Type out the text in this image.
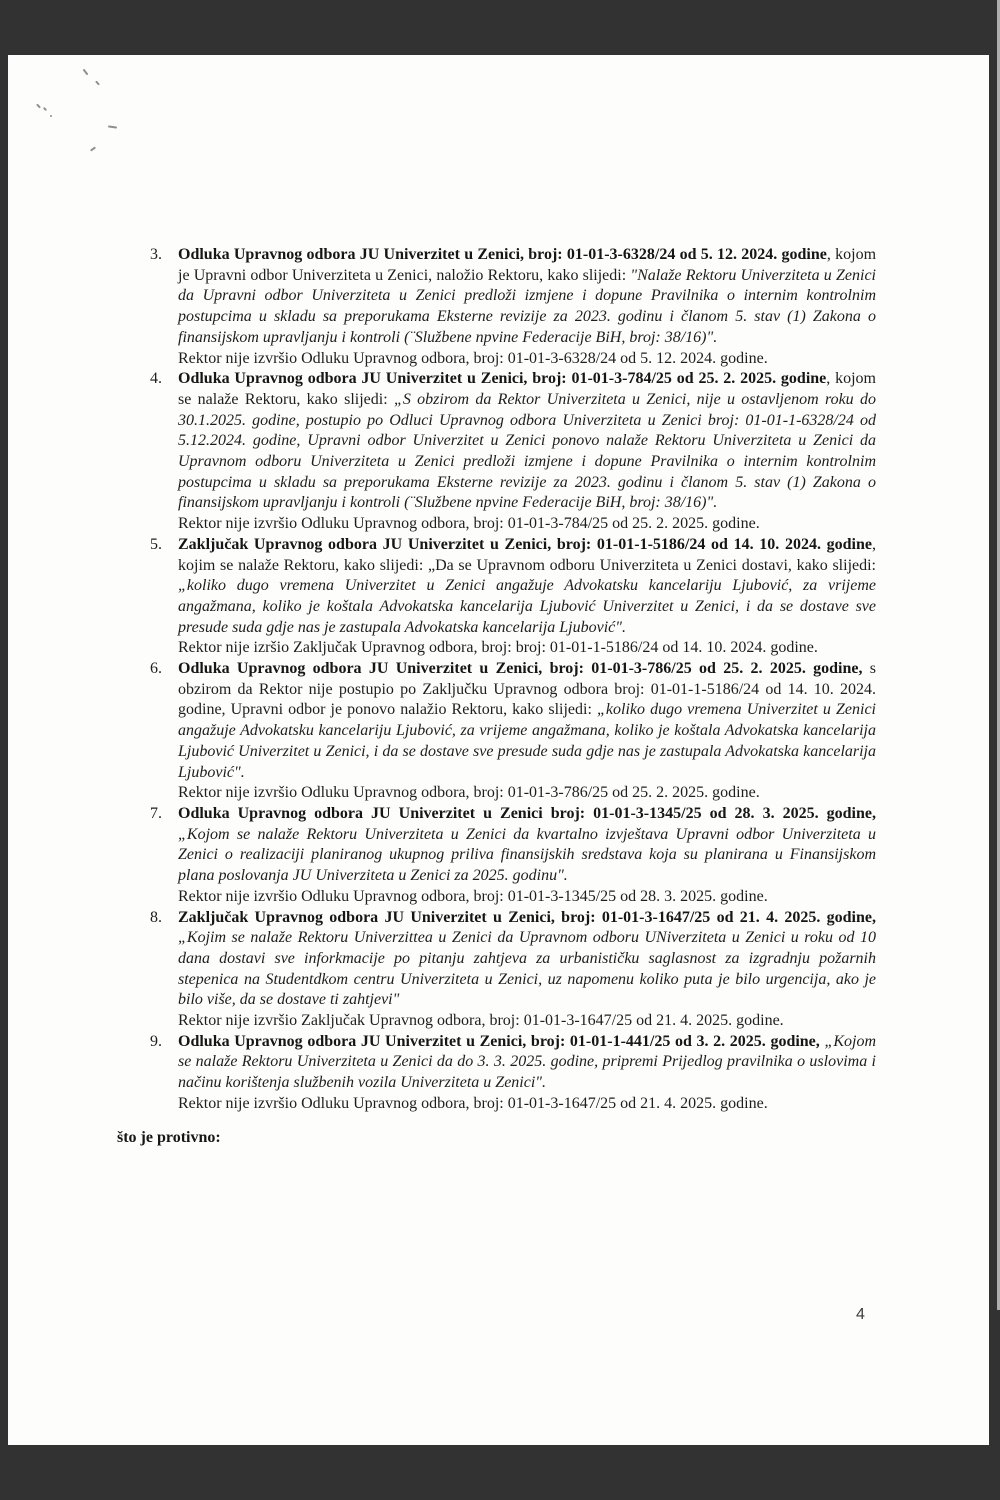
3.	Odluka Upravnog odbora JU Univerzitet u Zenici, broj: 01-01-3-6328/24 od 5. 12. 2024. godine, kojom je Upravni odbor Univerziteta u Zenici, naložio Rektoru, kako slijedi: "Nalaže Rektoru Univerziteta u Zenici da Upravni odbor Univerziteta u Zenici predloži izmjene i dopune Pravilnika o internim kontrolnim postupcima u skladu sa preporukama Eksterne revizije za 2023. godinu i članom 5. stav (1) Zakona o finansijskom upravljanju i kontroli (¨Službene npvine Federacije BiH, broj: 38/16)".

Rektor nije izvršio Odluku Upravnog odbora, broj: 01-01-3-6328/24 od 5. 12. 2024. godine.

4.	Odluka Upravnog odbora JU Univerzitet u Zenici, broj: 01-01-3-784/25 od 25. 2. 2025. godine, kojom se nalaže Rektoru, kako slijedi: „S obzirom da Rektor Univerziteta u Zenici, nije u ostavljenom roku do 30.1.2025. godine, postupio po Odluci Upravnog odbora Univerziteta u Zenici broj: 01-01-1-6328/24 od 5.12.2024. godine, Upravni odbor Univerzitet u Zenici ponovo nalaže Rektoru Univerziteta u Zenici da Upravnom odboru Univerziteta u Zenici predloži izmjene i dopune Pravilnika o internim kontrolnim postupcima u skladu sa preporukama Eksterne revizije za 2023. godinu i članom 5. stav (1) Zakona o finansijskom upravljanju i kontroli (¨Službene npvine Federacije BiH, broj: 38/16)".

Rektor nije izvršio Odluku Upravnog odbora, broj: 01-01-3-784/25 od 25. 2. 2025. godine.

5.	Zaključak Upravnog odbora JU Univerzitet u Zenici, broj: 01-01-1-5186/24 od 14. 10. 2024. godine, kojim se nalaže Rektoru, kako slijedi: „Da se Upravnom odboru Univerziteta u Zenici dostavi, kako slijedi: „koliko dugo vremena Univerzitet u Zenici angažuje Advokatsku kancelariju Ljubović, za vrijeme angažmana, koliko je koštala Advokatska kancelarija Ljubović Univerzitet u Zenici, i da se dostave sve presude suda gdje nas je zastupala Advokatska kancelarija Ljubović".

Rektor nije izršio Zaključak Upravnog odbora, broj: broj: 01-01-1-5186/24 od 14. 10. 2024. godine.

6.	Odluka Upravnog odbora JU Univerzitet u Zenici, broj: 01-01-3-786/25 od 25. 2. 2025. godine, s obzirom da Rektor nije postupio po Zaključku Upravnog odbora broj: 01-01-1-5186/24 od 14. 10. 2024. godine, Upravni odbor je ponovo nalažio Rektoru, kako slijedi: „koliko dugo vremena Univerzitet u Zenici angažuje Advokatsku kancelariju Ljubović, za vrijeme angažmana, koliko je koštala Advokatska kancelarija Ljubović Univerzitet u Zenici, i da se dostave sve presude suda gdje nas je zastupala Advokatska kancelarija Ljubović".

Rektor nije izvršio Odluku Upravnog odbora, broj: 01-01-3-786/25 od 25. 2. 2025. godine.

7.	Odluka Upravnog odbora JU Univerzitet u Zenici broj: 01-01-3-1345/25 od 28. 3. 2025. godine, „Kojom se nalaže Rektoru Univerziteta u Zenici da kvartalno izvještava Upravni odbor Univerziteta u Zenici o realizaciji planiranog ukupnog priliva finansijskih sredstava koja su planirana u Finansijskom plana poslovanja JU Univerziteta u Zenici za 2025. godinu".

Rektor nije izvršio Odluku Upravnog odbora, broj: 01-01-3-1345/25 od 28. 3. 2025. godine.

8.	Zaključak Upravnog odbora JU Univerzitet u Zenici, broj: 01-01-3-1647/25 od 21. 4. 2025. godine, „Kojim se nalaže Rektoru Univerzittea u Zenici da Upravnom odboru UNiverziteta u Zenici u roku od 10 dana dostavi sve inforkmacije po pitanju zahtjeva za urbanističku saglasnost za izgradnju požarnih stepenica na Studentdkom centru Univerziteta u Zenici, uz napomenu koliko puta je bilo urgencija, ako je bilo više, da se dostave ti zahtjevi"

Rektor nije izvršio Zaključak Upravnog odbora, broj: 01-01-3-1647/25 od 21. 4. 2025. godine.

9.	Odluka Upravnog odbora JU Univerzitet u Zenici, broj: 01-01-1-441/25 od 3. 2. 2025. godine, „Kojom se nalaže Rektoru Univerziteta u Zenici da do 3. 3. 2025. godine, pripremi Prijedlog pravilnika o uslovima i načinu korištenja službenih vozila Univerziteta u Zenici".

Rektor nije izvršio Odluku Upravnog odbora, broj: 01-01-3-1647/25 od 21. 4. 2025. godine.

što je protivno:

4
